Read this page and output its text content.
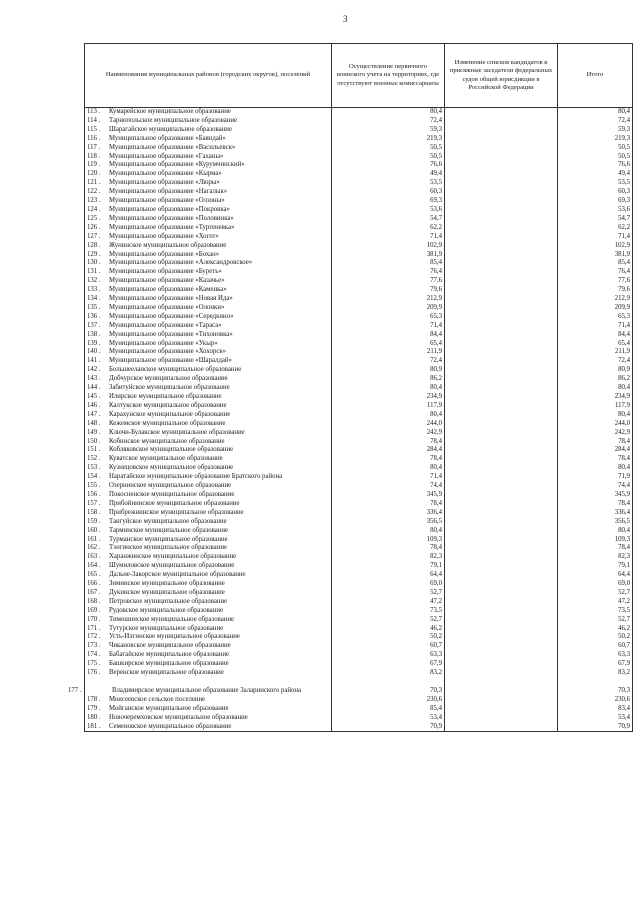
3
Наименования муниципальных районов (городских округов), поселений	Осуществление первичного воинского учета на территориях, где отсутствуют военные комиссариаты	Изменение списков кандидатов в присяжные заседатели федеральных судов общей юрисдикции в Российской Федерации	Итого
113 . Кумарейское муниципальное образование	80,4		80,4
114 . Тарнопольское муниципальное образование	72,4		72,4
115 . Шарагайское муниципальное образование	59,3		59,3
116 . Муниципальное образование «Баяндай»	219,3		219,3
117 . Муниципальное образование «Васильевск»	50,5		50,5
118 . Муниципальное образование «Гаханы»	50,5		50,5
119 . Муниципальное образование «Курумчинский»	76,6		76,6
120 . Муниципальное образование «Кырма»	49,4		49,4
121 . Муниципальное образование «Люры»	53,5		53,5
122 . Муниципальное образование «Нагалык»	60,3		60,3
123 . Муниципальное образование «Олзоны»	69,3		69,3
124 . Муниципальное образование «Покровка»	53,6		53,6
125 . Муниципальное образование «Половинка»	54,7		54,7
126 . Муниципальное образование «Тургеневка»	62,2		62,2
127 . Муниципальное образование «Хогот»	71,4		71,4
128 . Жунинское муниципальное образование	102,9		102,9
129 . Муниципальное образование «Бохан»	381,9		381,9
130 . Муниципальное образование «Александровское»	85,4		85,4
131 . Муниципальное образование «Буреть»	76,4		76,4
132 . Муниципальное образование «Казачье»	77,6		77,6
133 . Муниципальное образование «Каменка»	79,6		79,6
134 . Муниципальное образование «Новая Ида»	212,9		212,9
135 . Муниципальное образование «Олонки»	209,9		209,9
136 . Муниципальное образование «Середкино»	65,3		65,3
137 . Муниципальное образование «Тараса»	71,4		71,4
138 . Муниципальное образование «Тихоновка»	84,4		84,4
139 . Муниципальное образование «Укыр»	65,4		65,4
140 . Муниципальное образование «Хохорск»	211,9		211,9
141 . Муниципальное образование «Шаралдай»	72,4		72,4
142 . Большееланское муниципальное образование	80,9		80,9
143 . Добчурское муниципальное образование	86,2		86,2
144 . Забитуйское муниципальное образование	80,4		80,4
145 . Илирское муниципальное образование	234,9		234,9
146 . Калтукское муниципальное образование	117,9		117,9
147 . Карахунское муниципальное образование	80,4		80,4
148 . Кежемское муниципальное образование	244,0		244,0
149 . Ключи-Булакское муниципальное образование	242,9		242,9
150 . Кобинское муниципальное образование	78,4		78,4
151 . Кобляковское муниципальное образование	284,4		284,4
152 . Куватское муниципальное образование	78,4		78,4
153 . Кузнецовское муниципальное образование	80,4		80,4
154 . Наратайское муниципальное образование Братского района	71,4		71,9
155 . Озернинское муниципальное образование	74,4		74,4
156 . Покосненское муниципальное образование	345,9		345,9
157 . Прибойнинское муниципальное образование	78,4		78,4
158 . Прибрежнинское муниципальное образование	336,4		336,4
159 . Тангуйское муниципальное образование	356,5		356,5
160 . Тарминское муниципальное образование	80,4		80,4
161 . Турманское муниципальное образование	109,3		109,3
162 . Тэнгинское муниципальное образование	78,4		78,4
163 . Харанжинское муниципальное образование	82,3		82,3
164 . Шумиловское муниципальное образование	79,1		79,1
165 . Дальне-Закорское муниципальное образование	64,4		64,4
166 . Зиминское муниципальное образование	69,0		69,0
167 . Дукинское муниципальное образование	52,7		52,7
168 . Петровское муниципальное образование	47,2		47,2
169 . Рудовское муниципальное образование	73,5		73,5
170 . Тимошинское муниципальное образование	52,7		52,7
171 . Тутурское муниципальное образование	46,2		46,2
172 . Усть-Илгинское муниципальное образование	50,2		50,2
173 . Чикановское муниципальное образование	60,7		60,7
174 . Бабагайское муниципальное образование	63,3		63,3
175 . Башкирское муниципальное образование	67,9		67,9
176 . Веренское муниципальное образование	83,2		83,2
177 . Владимирское муниципальное образование Заларинского района	70,3		70,3
178 . Моисеевское сельское поселение	230,6		230,6
179 . Мойганское муниципальное образование	85,4		83,4
180 . Новочеремховское муниципальное образование	53,4		53,4
181 . Семеновское муниципальное образование	70,9		70,9
